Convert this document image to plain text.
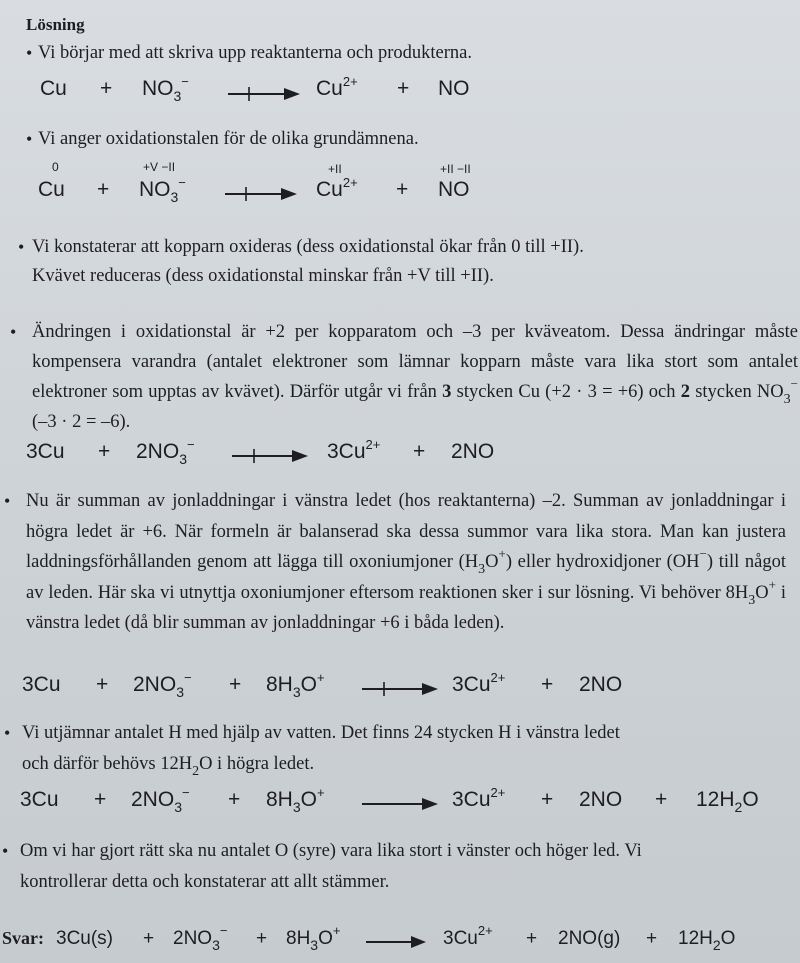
Lösning
• Vi börjar med att skriva upp reaktanterna och produkterna.
$Cu + NO_3^- \to Cu^{2+}$ + NO
• Vi anger oxidationstalen för de olika grundämnena.
0	+V −II	+II	+II −II
$Cu + NO_3^- \to Cu^{2+}$ + NO
• Vi konstaterar att kopparn oxideras (dess oxidationstal ökar från 0 till +II).
Kvävet reduceras (dess oxidationstal minskar från +V till +II).
• Ändringen i oxidationstal är +2 per kopparatom och –3 per kväveatom. Dessa ändringar måste kompensera varandra (antalet elektroner som lämnar kopparn måste vara lika stort som antalet elektroner som upptas av kvävet). Därför utgår vi från 3 stycken Cu (+2 · 3 = +6) och 2 stycken $NO_3^-$ (–3 · 2 = –6).
$3Cu + 2NO_3^- \to 3Cu^{2+} + 2NO$
• Nu är summan av jonladdningar i vänstra ledet (hos reaktanterna) –2. Summan av jonladdningar i högra ledet är +6. När formeln är balanserad ska dessa summor vara lika stora. Man kan justera laddningsförhållanden genom att lägga till oxoniumjoner $(H_3O^+)$ eller hydroxidjoner (OH−) till något av leden. Här ska vi utnyttja oxoniumjoner eftersom reaktionen sker i sur lösning. Vi behöver $8H_3O^+$ i vänstra ledet (då blir summan av jonladdningar +6 i båda leden).
$3Cu + 2NO_3^- + 8H_3O^+ \to 3Cu^{2+} + 2NO$
• Vi utjämnar antalet H med hjälp av vatten. Det finns 24 stycken H i vänstra ledet
och därför behövs $12H_2O$ i högra ledet.
$3Cu + 2NO_3^- + 8H_3O^+ \to 3Cu^{2+} + 2NO + 12H_2O$
• Om vi har gjort rätt ska nu antalet O (syre) vara lika stort i vänster och höger led. Vi
kontrollerar detta och konstaterar att allt stämmer.
Svar: $3Cu(s) + 2NO_3^- + 8H_3O^+ \to 3Cu^{2+} + 2NO(g) + 12H_2O$
